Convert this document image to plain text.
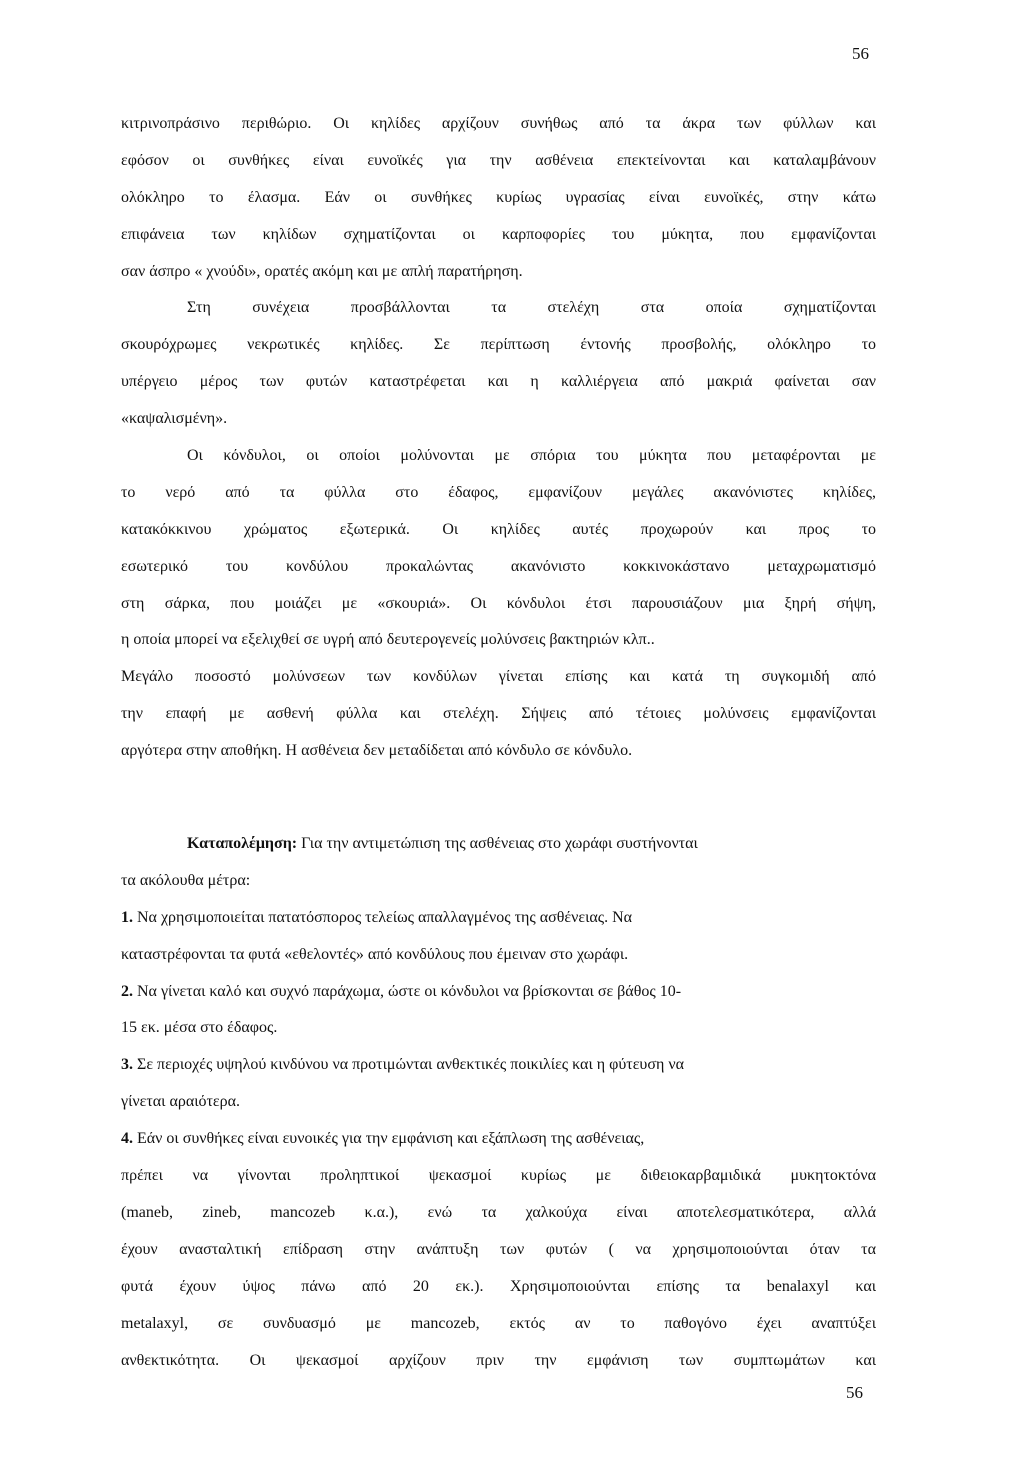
56
κιτρινοπράσινο περιθώριο. Οι κηλίδες αρχίζουν συνήθως από τα άκρα των φύλλων και
εφόσον οι συνθήκες είναι ευνοϊκές για την ασθένεια επεκτείνονται και καταλαμβάνουν
ολόκληρο το έλασμα. Εάν οι συνθήκες κυρίως υγρασίας είναι ευνοϊκές, στην κάτω
επιφάνεια των κηλίδων σχηματίζονται οι καρποφορίες του μύκητα, που εμφανίζονται
σαν άσπρο « χνούδι», ορατές ακόμη και με απλή παρατήρηση.
Στη συνέχεια προσβάλλονται τα στελέχη στα οποία σχηματίζονται
σκουρόχρωμες νεκρωτικές κηλίδες. Σε περίπτωση έντονής προσβολής, ολόκληρο το
υπέργειο μέρος των φυτών καταστρέφεται και η καλλιέργεια από μακριά φαίνεται σαν
«καψαλισμένη».
Οι κόνδυλοι, οι οποίοι μολύνονται με σπόρια του μύκητα που μεταφέρονται με
το νερό από τα φύλλα στο έδαφος, εμφανίζουν μεγάλες ακανόνιστες κηλίδες,
κατακόκκινου χρώματος εξωτερικά. Οι κηλίδες αυτές προχωρούν και προς το
εσωτερικό του κονδύλου προκαλώντας ακανόνιστο κοκκινοκάστανο μεταχρωματισμό
στη σάρκα, που μοιάζει με «σκουριά». Οι κόνδυλοι έτσι παρουσιάζουν μια ξηρή σήψη,
η οποία μπορεί να εξελιχθεί σε υγρή από δευτερογενείς μολύνσεις βακτηριών κλπ..
Μεγάλο ποσοστό μολύνσεων των κονδύλων γίνεται επίσης και κατά τη συγκομιδή από
την επαφή με ασθενή φύλλα και στελέχη. Σήψεις από τέτοιες μολύνσεις εμφανίζονται
αργότερα στην αποθήκη. Η ασθένεια δεν μεταδίδεται από κόνδυλο σε κόνδυλο.
Καταπολέμηση: Για την αντιμετώπιση της ασθένειας στο χωράφι συστήνονται
τα ακόλουθα μέτρα:
1. Να χρησιμοποιείται πατατόσπορος τελείως απαλλαγμένος της ασθένειας. Να
καταστρέφονται τα φυτά «εθελοντές» από κονδύλους που έμειναν στο χωράφι.
2. Να γίνεται καλό και συχνό παράχωμα, ώστε οι κόνδυλοι να βρίσκονται σε βάθος 10-
15 εκ. μέσα στο έδαφος.
3. Σε περιοχές υψηλού κινδύνου να προτιμώνται ανθεκτικές ποικιλίες και η φύτευση να
γίνεται αραιότερα.
4. Εάν οι συνθήκες είναι ευνοικές για την εμφάνιση και εξάπλωση της ασθένειας,
πρέπει να γίνονται προληπτικοί ψεκασμοί κυρίως με διθειοκαρβαμιδικά μυκητοκτόνα
(maneb, zineb, mancozeb κ.α.), ενώ τα χαλκούχα είναι αποτελεσματικότερα, αλλά
έχουν ανασταλτική επίδραση στην ανάπτυξη των φυτών ( να χρησιμοποιούνται όταν τα
φυτά έχουν ύψος πάνω από 20 εκ.). Χρησιμοποιούνται επίσης τα benalaxyl και
metalaxyl, σε συνδυασμό με mancozeb, εκτός αν το παθογόνο έχει αναπτύξει
ανθεκτικότητα. Οι ψεκασμοί αρχίζουν πριν την εμφάνιση των συμπτωμάτων και
56
